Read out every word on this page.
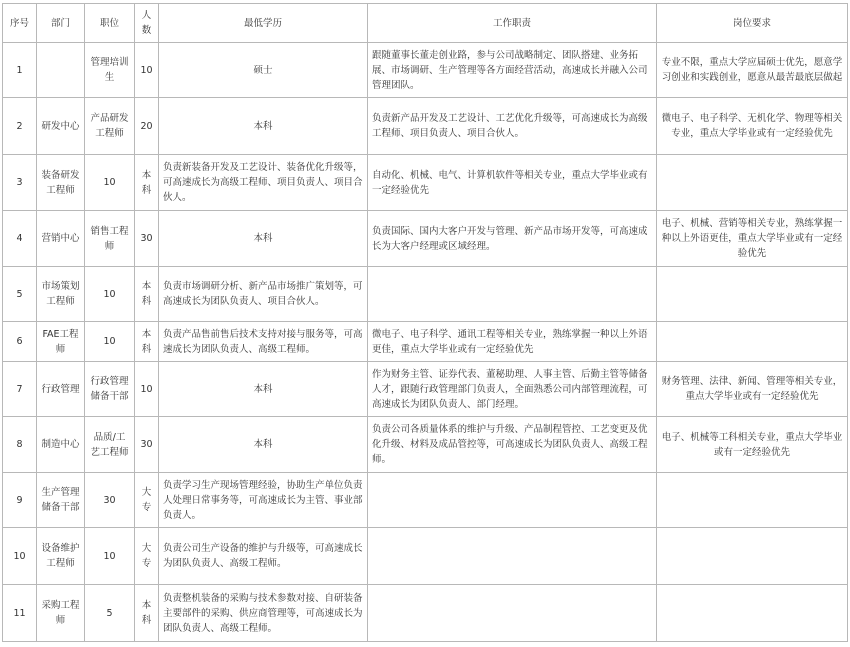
序号	部门	职位	人数	最低学历	工作职责	岗位要求
1		管理培训生	10	硕士	跟随董事长董走创业路，参与公司战略制定、团队搭建、业务拓展、市场调研、生产管理等各方面经营活动，高速成长并融入公司管理团队。	专业不限，重点大学应届硕士优先，愿意学习创业和实践创业，愿意从最苦最底层做起
2	研发中心	产品研发工程师	20	本科	负责新产品开发及工艺设计、工艺优化升级等，可高速成长为高级工程师、项目负责人、项目合伙人。	微电子、电子科学、无机化学、物理等相关专业，重点大学毕业或有一定经验优先
3	装备研发工程师	10	本科	负责新装备开发及工艺设计、装备优化升级等，可高速成长为高级工程师、项目负责人、项目合伙人。	自动化、机械、电气、计算机软件等相关专业，重点大学毕业或有一定经验优先	
4	营销中心	销售工程师	30	本科	负责国际、国内大客户开发与管理、新产品市场开发等，可高速成长为大客户经理或区域经理。	电子、机械、营销等相关专业，熟练掌握一种以上外语更佳，重点大学毕业或有一定经验优先
5	市场策划工程师	10	本科	负责市场调研分析、新产品市场推广策划等，可高速成长为团队负责人、项目合伙人。		
6	FAE工程师	10	本科	负责产品售前售后技术支持对接与服务等，可高速成长为团队负责人、高级工程师。	微电子、电子科学、通讯工程等相关专业，熟练掌握一种以上外语更佳，重点大学毕业或有一定经验优先	
7	行政管理	行政管理储备干部	10	本科	作为财务主管、证券代表、董秘助理、人事主管、后勤主管等储备人才，跟随行政管理部门负责人，全面熟悉公司内部管理流程，可高速成长为团队负责人、部门经理。	财务管理、法律、新闻、管理等相关专业，重点大学毕业或有一定经验优先
8	制造中心	品质/工艺工程师	30	本科	负责公司各质量体系的维护与升级、产品制程管控、工艺变更及优化升级、材料及成品管控等，可高速成长为团队负责人、高级工程师。	电子、机械等工科相关专业，重点大学毕业或有一定经验优先
9	生产管理储备干部	30	大专	负责学习生产现场管理经验，协助生产单位负责人处理日常事务等，可高速成长为主管、事业部负责人。		
10	设备维护工程师	10	大专	负责公司生产设备的维护与升级等，可高速成长为团队负责人、高级工程师。		
11	采购工程师	5	本科	负责整机装备的采购与技术参数对接、自研装备主要部件的采购、供应商管理等，可高速成长为团队负责人、高级工程师。		
